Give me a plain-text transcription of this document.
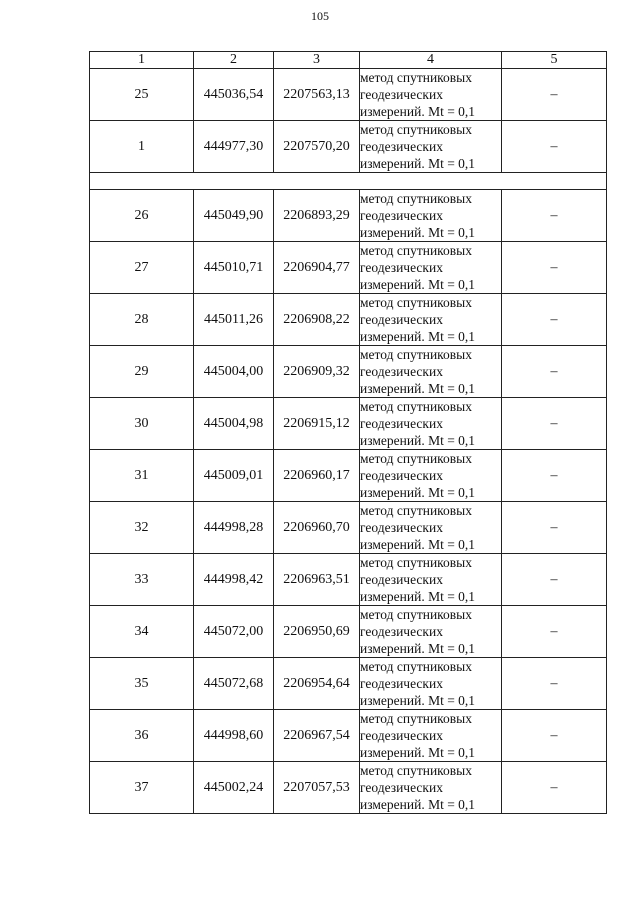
105
1	2	3	4	5
25	445036,54	2207563,13	метод спутниковых
геодезических
измерений. Mt = 0,1	–
1	444977,30	2207570,20	метод спутниковых
геодезических
измерений. Mt = 0,1	–

26	445049,90	2206893,29	метод спутниковых
геодезических
измерений. Mt = 0,1	–
27	445010,71	2206904,77	метод спутниковых
геодезических
измерений. Mt = 0,1	–
28	445011,26	2206908,22	метод спутниковых
геодезических
измерений. Mt = 0,1	–
29	445004,00	2206909,32	метод спутниковых
геодезических
измерений. Mt = 0,1	–
30	445004,98	2206915,12	метод спутниковых
геодезических
измерений. Mt = 0,1	–
31	445009,01	2206960,17	метод спутниковых
геодезических
измерений. Mt = 0,1	–
32	444998,28	2206960,70	метод спутниковых
геодезических
измерений. Mt = 0,1	–
33	444998,42	2206963,51	метод спутниковых
геодезических
измерений. Mt = 0,1	–
34	445072,00	2206950,69	метод спутниковых
геодезических
измерений. Mt = 0,1	–
35	445072,68	2206954,64	метод спутниковых
геодезических
измерений. Mt = 0,1	–
36	444998,60	2206967,54	метод спутниковых
геодезических
измерений. Mt = 0,1	–
37	445002,24	2207057,53	метод спутниковых
геодезических
измерений. Mt = 0,1	–
